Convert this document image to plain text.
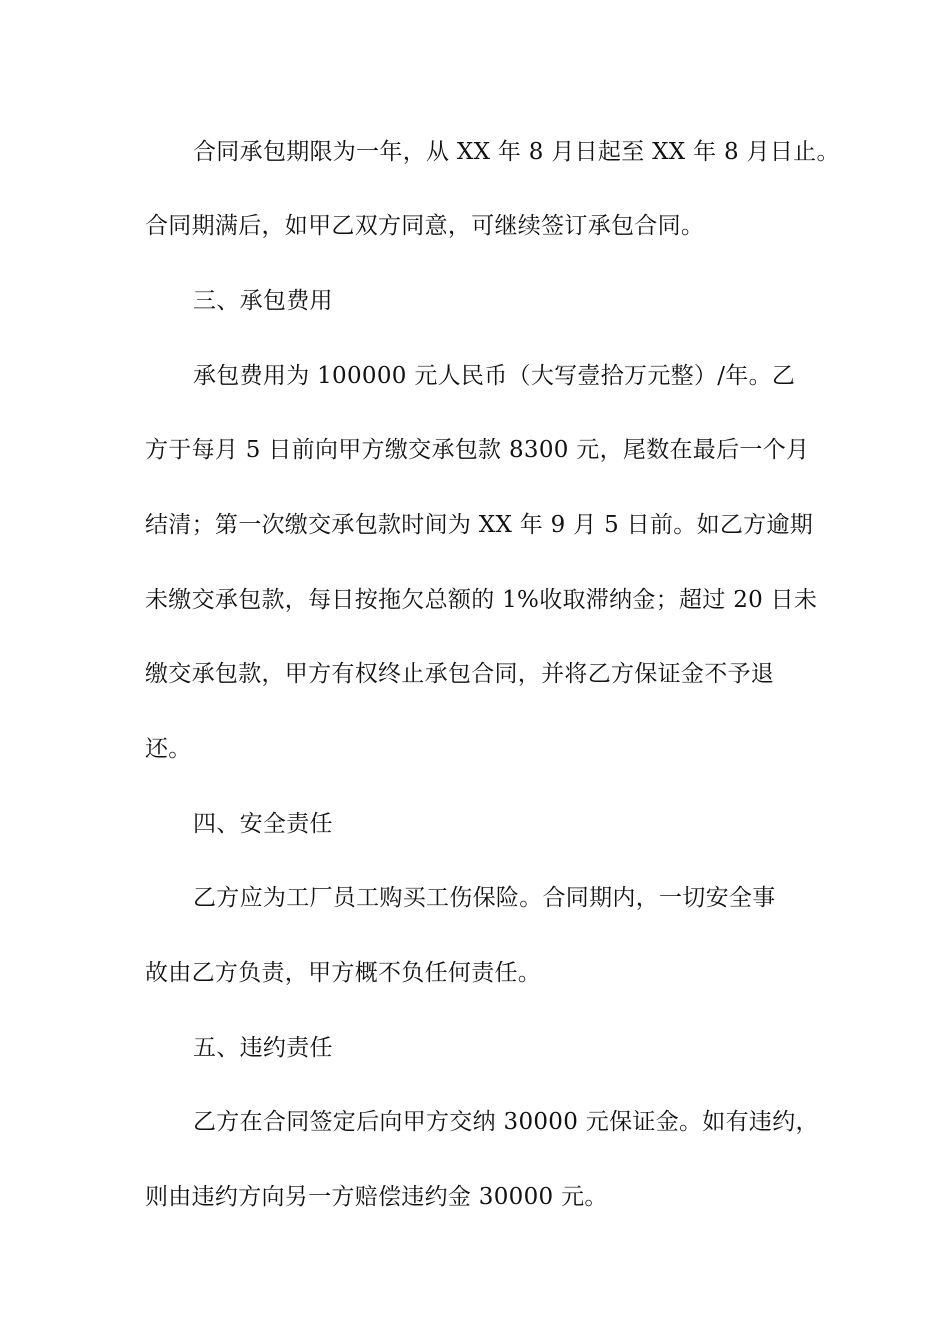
合同承包期限为一年，从 XX 年 8 月日起至 XX 年 8 月日止。
合同期满后，如甲乙双方同意，可继续签订承包合同。
三、承包费用
承包费用为 100000 元人民币（大写壹拾万元整）/年。乙
方于每月 5 日前向甲方缴交承包款 8300 元，尾数在最后一个月
结清；第一次缴交承包款时间为 XX 年 9 月 5 日前。如乙方逾期
未缴交承包款，每日按拖欠总额的 1%收取滞纳金；超过 20 日未
缴交承包款，甲方有权终止承包合同，并将乙方保证金不予退
还。
四、安全责任
乙方应为工厂员工购买工伤保险。合同期内，一切安全事
故由乙方负责，甲方概不负任何责任。
五、违约责任
乙方在合同签定后向甲方交纳 30000 元保证金。如有违约，
则由违约方向另一方赔偿违约金 30000 元。
